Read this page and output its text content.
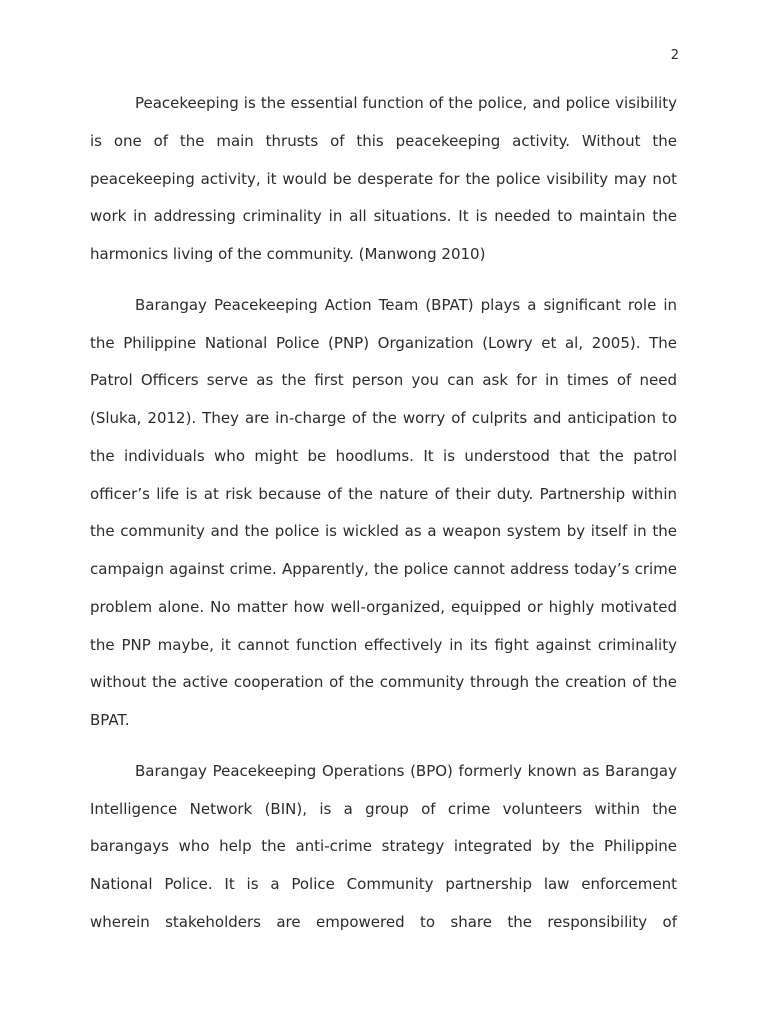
2

Peacekeeping is the essential function of the police, and police visibility is one of the main thrusts of this peacekeeping activity. Without the peacekeeping activity, it would be desperate for the police visibility may not work in addressing criminality in all situations. It is needed to maintain the harmonics living of the community. (Manwong 2010)

Barangay Peacekeeping Action Team (BPAT) plays a significant role in the Philippine National Police (PNP) Organization (Lowry et al, 2005). The Patrol Officers serve as the first person you can ask for in times of need (Sluka, 2012). They are in-charge of the worry of culprits and anticipation to the individuals who might be hoodlums. It is understood that the patrol officer’s life is at risk because of the nature of their duty. Partnership within the community and the police is wickled as a weapon system by itself in the campaign against crime. Apparently, the police cannot address today’s crime problem alone. No matter how well-organized, equipped or highly motivated the PNP maybe, it cannot function effectively in its fight against criminality without the active cooperation of the community through the creation of the BPAT.

Barangay Peacekeeping Operations (BPO) formerly known as Barangay Intelligence Network (BIN), is a group of crime volunteers within the barangays who help the anti-crime strategy integrated by the Philippine National Police. It is a Police Community partnership law enforcement wherein stakeholders are empowered to share the responsibility of
